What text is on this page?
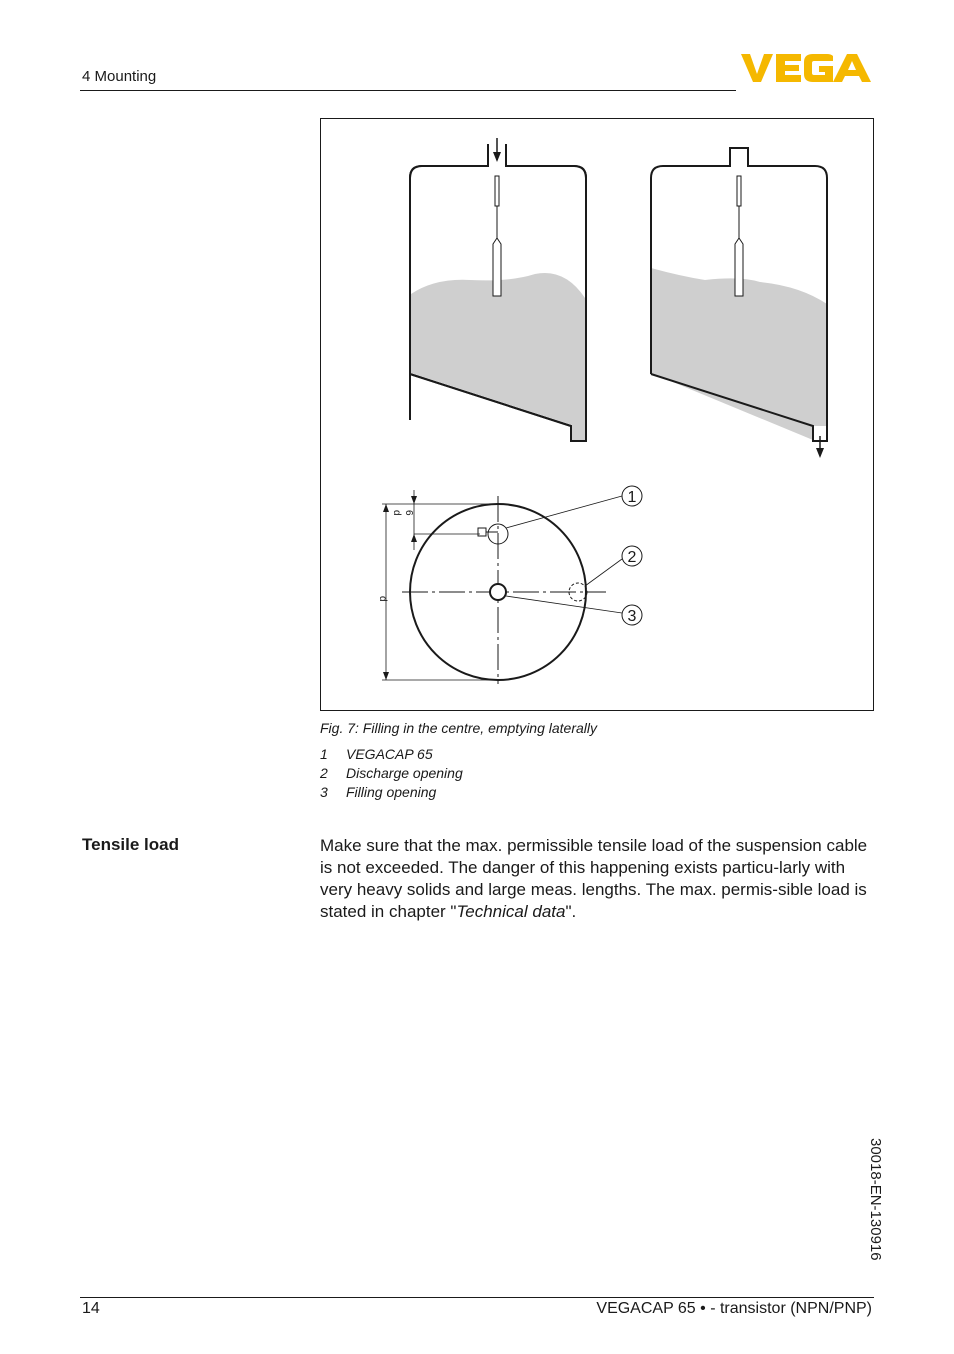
4 Mounting
d
d 6
1
2
3
Fig. 7: Filling in the centre, emptying laterally
1 VEGACAP 65
2 Discharge opening
3 Filling opening
Tensile load	Make sure that the max. permissible tensile load of the suspension cable is not exceeded. The danger of this happening exists particu-larly with very heavy solids and large meas. lengths. The max. permis-sible load is stated in chapter "Technical data".
30018-EN-130916
14	VEGACAP 65 • - transistor (NPN/PNP)
